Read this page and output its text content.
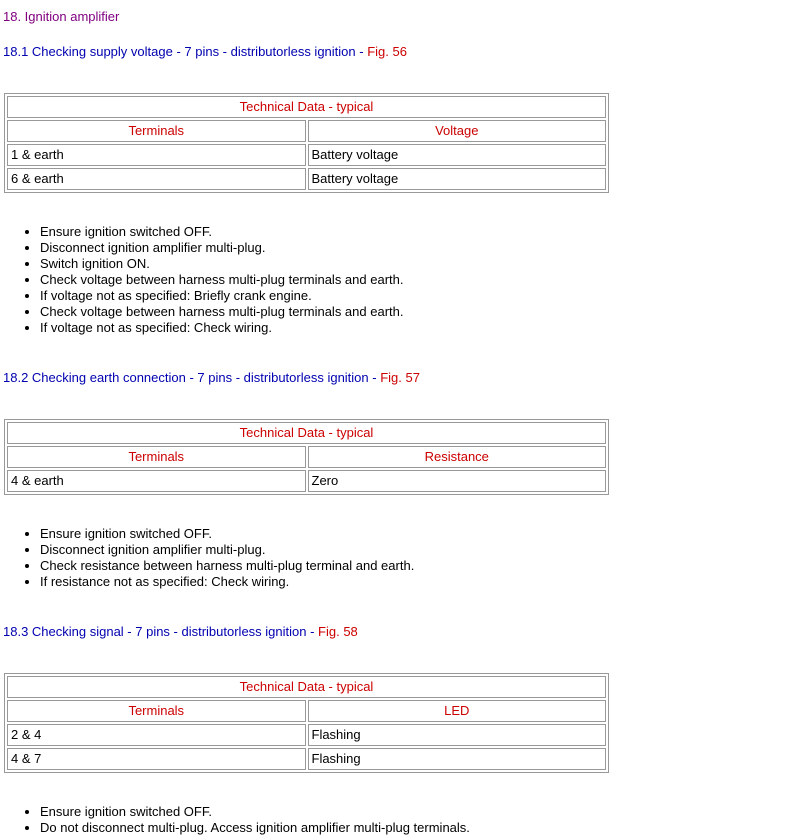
18. Ignition amplifier

18.1 Checking supply voltage - 7 pins - distributorless ignition - Fig. 56

Technical Data - typical	
Terminals	Voltage
1 & earth	Battery voltage
6 & earth	Battery voltage
• Ensure ignition switched OFF.
• Disconnect ignition amplifier multi-plug.
• Switch ignition ON.
• Check voltage between harness multi-plug terminals and earth.
• If voltage not as specified: Briefly crank engine.
• Check voltage between harness multi-plug terminals and earth.
• If voltage not as specified: Check wiring.

18.2 Checking earth connection - 7 pins - distributorless ignition - Fig. 57

Technical Data - typical	
Terminals	Resistance
4 & earth	Zero
• Ensure ignition switched OFF.
• Disconnect ignition amplifier multi-plug.
• Check resistance between harness multi-plug terminal and earth.
• If resistance not as specified: Check wiring.

18.3 Checking signal - 7 pins - distributorless ignition - Fig. 58

Technical Data - typical	
Terminals	LED
2 & 4	Flashing
4 & 7	Flashing
• Ensure ignition switched OFF.
• Do not disconnect multi-plug. Access ignition amplifier multi-plug terminals.
